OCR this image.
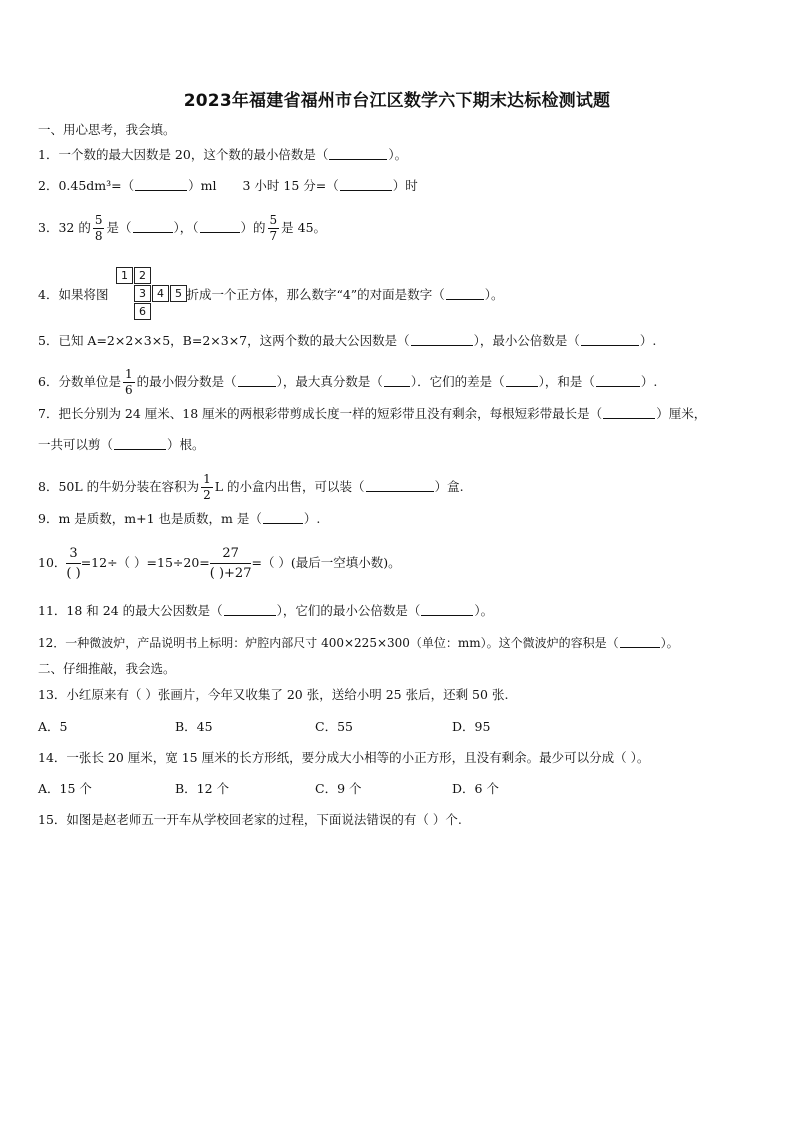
2023年福建省福州市台江区数学六下期末达标检测试题
一、用心思考，我会填。
1．一个数的最大因数是 20，这个数的最小倍数是（	）。
2．0.45dm³=（	）ml 3 小时 15 分=（	）时
3．32 的 $\frac{5}{8}$ 是（	），（	）的 $\frac{5}{7}$ 是 45。
4．如果将图	折成一个正方体，那么数字“4”的对面是数字（	）。
1	2
3	4	5
6
5．已知 A=2×2×3×5，B=2×3×7，这两个数的最大公因数是（	），最小公倍数是（	）.
6．分数单位是 $\frac{1}{6}$ 的最小假分数是（	），最大真分数是（ ）．它们的差是（	），和是（	）.
7．把长分别为 24 厘米、18 厘米的两根彩带剪成长度一样的短彩带且没有剩余，每根短彩带最长是（	）厘米，
一共可以剪（	）根。
8．50L 的牛奶分装在容积为 $\frac{1}{2}$ L 的小盒内出售，可以装（	）盒.
9．m 是质数，m+1 也是质数，m 是（	）.
10．
3
( )
=12÷（ ）$=15\div 20= \frac{27}{( )+27}$ =（ ）(最后一空填小数)。
11．18 和 24 的最大公因数是（	），它们的最小公倍数是（	）。
12．一种微波炉，产品说明书上标明：炉腔内部尺寸 400×225×300（单位：mm）。这个微波炉的容积是（	）。
二、仔细推敲，我会选。
13．小红原来有（ ）张画片，今年又收集了 20 张，送给小明 25 张后，还剩 50 张.
A．5	B．45	C．55	D．95
14．一张长 20 厘米，宽 15 厘米的长方形纸，要分成大小相等的小正方形，且没有剩余。最少可以分成（ ）。
A．15 个	B．12 个	C．9 个	D．6 个
15．如图是赵老师五一开车从学校回老家的过程，下面说法错误的有（ ）个.
